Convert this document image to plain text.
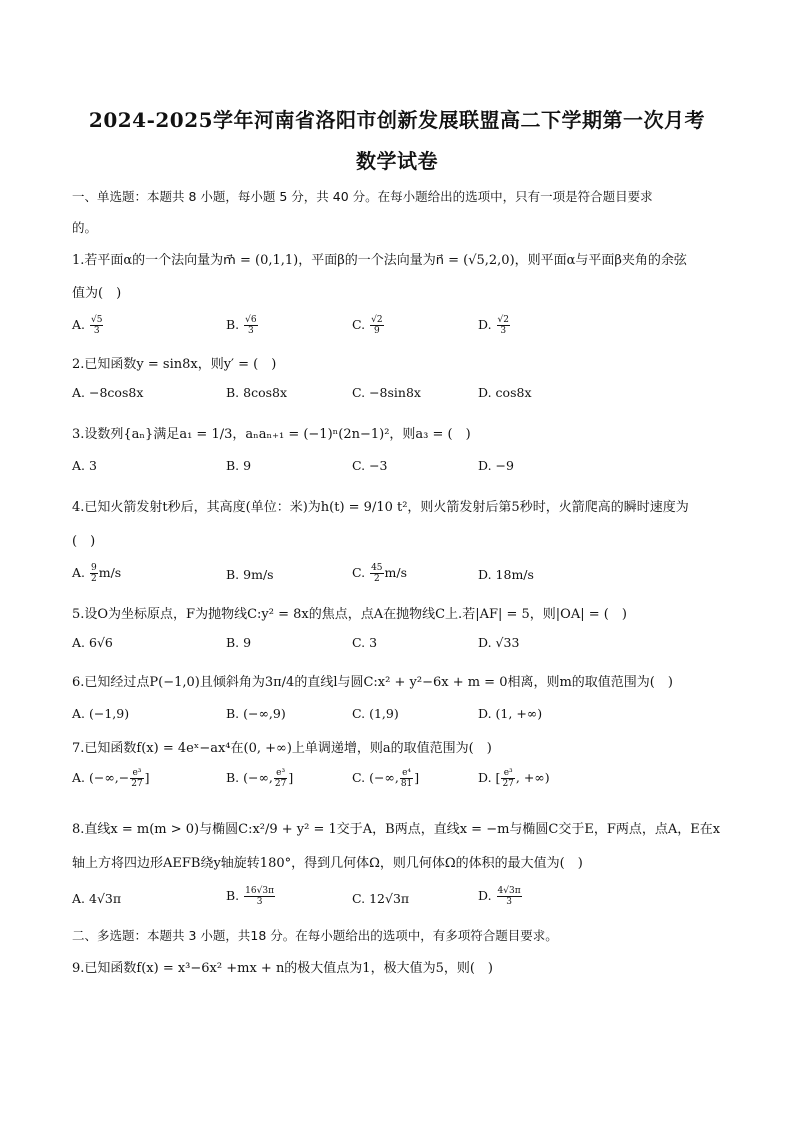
2024-2025学年河南省洛阳市创新发展联盟高二下学期第一次月考
数学试卷
一、单选题：本题共 8 小题，每小题 5 分，共 40 分。在每小题给出的选项中，只有一项是符合题目要求
的。
1.若平面α的一个法向量为m⃗ = (0,1,1)，平面β的一个法向量为n⃗ = (√5,2,0)，则平面α与平面β夹角的余弦
值为(　)
A. $\frac{√5}{3}$	B. $\frac{√6}{3}$	C. $\frac{√2}{9}$	D. $\frac{√2}{3}$
2.已知函数y = sin8x，则y′ = (　)
A. −8cos8x	B. 8cos8x	C. −8sin8x	D. cos8x
3.设数列{aₙ}满足a₁ = 1/3，aₙaₙ₊₁ = (−1)ⁿ(2n−1)²，则a₃ = (　)
A. 3	B. 9	C. −3	D. −9
4.已知火箭发射t秒后，其高度(单位：米)为h(t) = 9/10 t²，则火箭发射后第5秒时，火箭爬高的瞬时速度为
(　)
A. $\frac{9}{2} m/s$	B. 9m/s	C. $\frac{45}{2} m/s$	D. 18m/s
5.设O为坐标原点，F为抛物线C:y² = 8x的焦点，点A在抛物线C上.若|AF| = 5，则|OA| = (　)
A. 6√6	B. 9	C. 3	D. √33
6.已知经过点P(−1,0)且倾斜角为3π/4的直线l与圆C:x² + y²−6x + m = 0相离，则m的取值范围为(　)
A. (−1,9)	B. (−∞,9)	C. (1,9)	D. (1, +∞)
7.已知函数f(x) = 4eˣ−ax⁴在(0, +∞)上单调递增，则a的取值范围为(　)
A. (−∞,− $\frac{\text{e³}}{27}$ ]	B. (−∞, $\frac{\text{e³}}{27}$ ]	C. (−∞, $\frac{\text{e⁴}}{81}$ ]	D. [ $\frac{\text{e³}}{27}$ , +∞)
8.直线x = m(m > 0)与椭圆C:x²/9 + y² = 1交于A，B两点，直线x = −m与椭圆C交于E，F两点，点A，E在x
轴上方将四边形AEFB绕y轴旋转180°，得到几何体Ω，则几何体Ω的体积的最大值为(　)
A. 4√3π	B. $\frac{16√3\pi}{3}$	C. 12√3π	D. $\frac{4√3\pi}{3}$
二、多选题：本题共 3 小题，共18 分。在每小题给出的选项中，有多项符合题目要求。
9.已知函数f(x) = x³−6x² +mx + n的极大值点为1，极大值为5，则(　)
